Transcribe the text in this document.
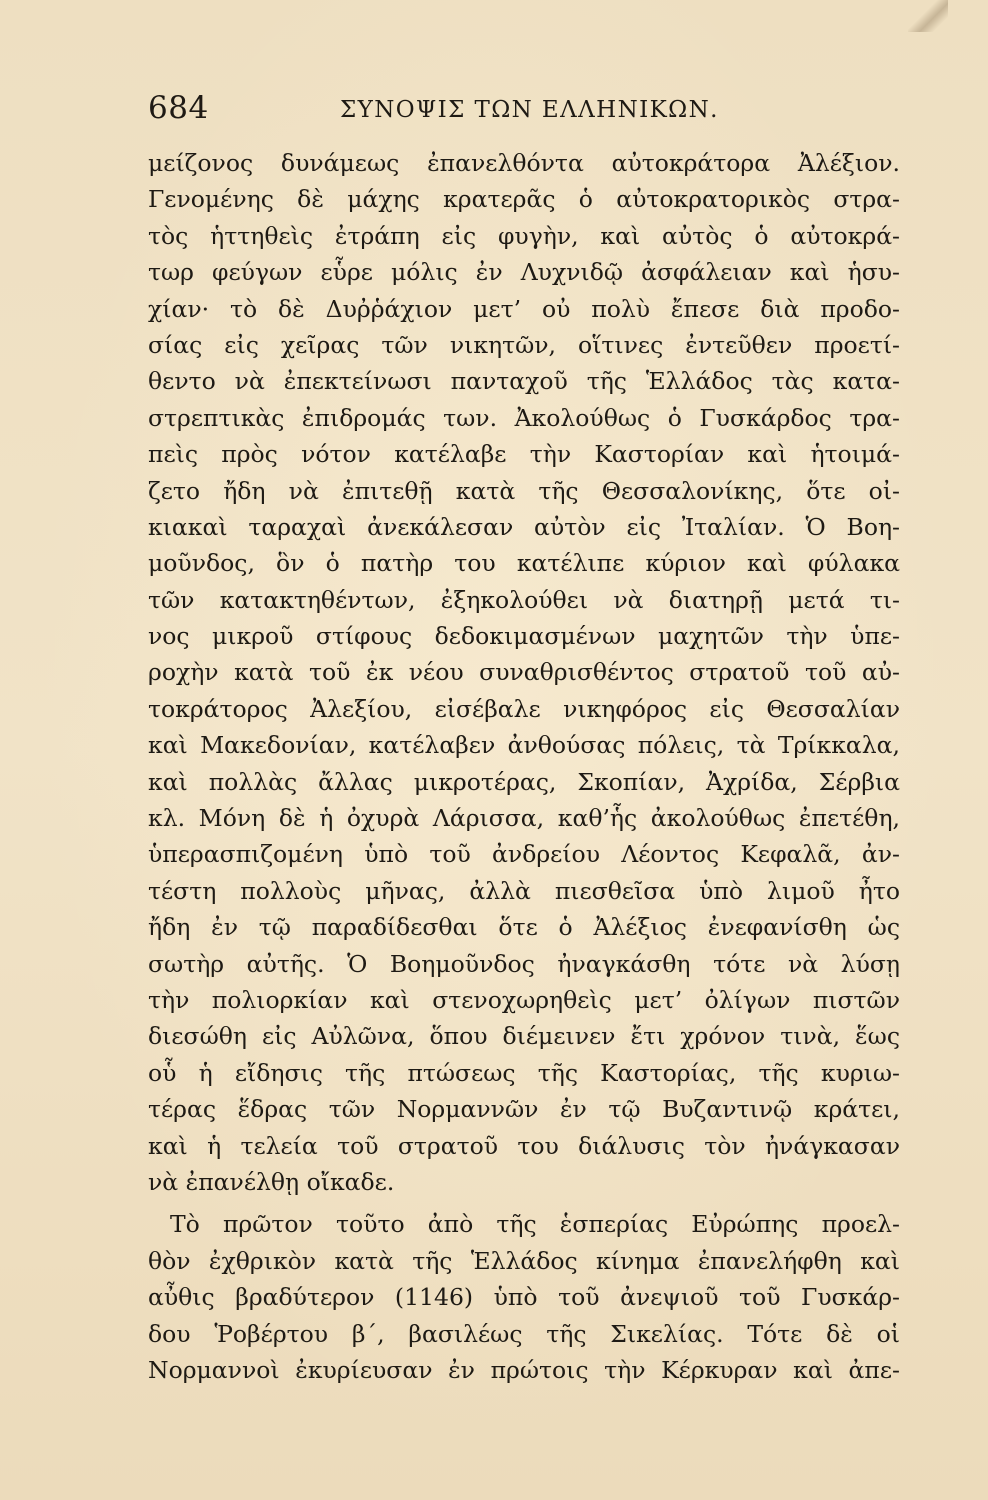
684	ΣΥΝΟΨΙΣ ΤΩΝ ΕΛΛΗΝΙΚΩΝ.
μείζονος δυνάμεως ἐπανελθόντα αὐτοκράτορα Ἀλέξιον.
Γενομένης δὲ μάχης κρατερᾶς ὁ αὐτοκρατορικὸς στρα-
τὸς ἡττηθεὶς ἐτράπη εἰς φυγὴν, καὶ αὐτὸς ὁ αὐτοκρά-
τωρ φεύγων εὗρε μόλις ἐν Λυχνιδῷ ἀσφάλειαν καὶ ἡσυ-
χίαν· τὸ δὲ Δυῤῥάχιον μετ’ οὐ πολὺ ἔπεσε διὰ προδο-
σίας εἰς χεῖρας τῶν νικητῶν, οἵτινες ἐντεῦθεν προετί-
θεντο νὰ ἐπεκτείνωσι πανταχοῦ τῆς Ἑλλάδος τὰς κατα-
στρεπτικὰς ἐπιδρομάς των. Ἀκολούθως ὁ Γυσκάρδος τρα-
πεὶς πρὸς νότον κατέλαβε τὴν Καστορίαν καὶ ἡτοιμά-
ζετο ἤδη νὰ ἐπιτεθῇ κατὰ τῆς Θεσσαλονίκης, ὅτε οἰ-
κιακαὶ ταραχαὶ ἀνεκάλεσαν αὐτὸν εἰς Ἰταλίαν. Ὁ Βοη-
μοῦνδος, ὃν ὁ πατὴρ του κατέλιπε κύριον καὶ φύλακα
τῶν κατακτηθέντων, ἐξηκολούθει νὰ διατηρῇ μετά τι-
νος μικροῦ στίφους δεδοκιμασμένων μαχητῶν τὴν ὑπε-
ροχὴν κατὰ τοῦ ἐκ νέου συναθρισθέντος στρατοῦ τοῦ αὐ-
τοκράτορος Ἀλεξίου, εἰσέβαλε νικηφόρος εἰς Θεσσαλίαν
καὶ Μακεδονίαν, κατέλαβεν ἀνθούσας πόλεις, τὰ Τρίκκαλα,
καὶ πολλὰς ἄλλας μικροτέρας, Σκοπίαν, Ἀχρίδα, Σέρβια
κλ. Μόνη δὲ ἡ ὀχυρὰ Λάρισσα, καθ’ἧς ἀκολούθως ἐπετέθη,
ὑπερασπιζομένη ὑπὸ τοῦ ἀνδρείου Λέοντος Κεφαλᾶ, ἀν-
τέστη πολλοὺς μῆνας, ἀλλὰ πιεσθεῖσα ὑπὸ λιμοῦ ἦτο
ἤδη ἐν τῷ παραδίδεσθαι ὅτε ὁ Ἀλέξιος ἐνεφανίσθη ὡς
σωτὴρ αὐτῆς. Ὁ Βοημοῦνδος ἠναγκάσθη τότε νὰ λύσῃ
τὴν πολιορκίαν καὶ στενοχωρηθεὶς μετ’ ὀλίγων πιστῶν
διεσώθη εἰς Αὐλῶνα, ὅπου διέμεινεν ἔτι χρόνον τινὰ, ἕως
οὗ ἡ εἴδησις τῆς πτώσεως τῆς Καστορίας, τῆς κυριω-
τέρας ἕδρας τῶν Νορμαννῶν ἐν τῷ Βυζαντινῷ κράτει,
καὶ ἡ τελεία τοῦ στρατοῦ του διάλυσις τὸν ἠνάγκασαν
νὰ ἐπανέλθῃ οἴκαδε.
Τὸ πρῶτον τοῦτο ἀπὸ τῆς ἑσπερίας Εὐρώπης προελ-
θὸν ἐχθρικὸν κατὰ τῆς Ἑλλάδος κίνημα ἐπανελήφθη καὶ
αὖθις βραδύτερον (1146) ὑπὸ τοῦ ἀνεψιοῦ τοῦ Γυσκάρ-
δου Ῥοβέρτου β΄, βασιλέως τῆς Σικελίας. Τότε δὲ οἱ
Νορμαννοὶ ἐκυρίευσαν ἐν πρώτοις τὴν Κέρκυραν καὶ ἀπε-
